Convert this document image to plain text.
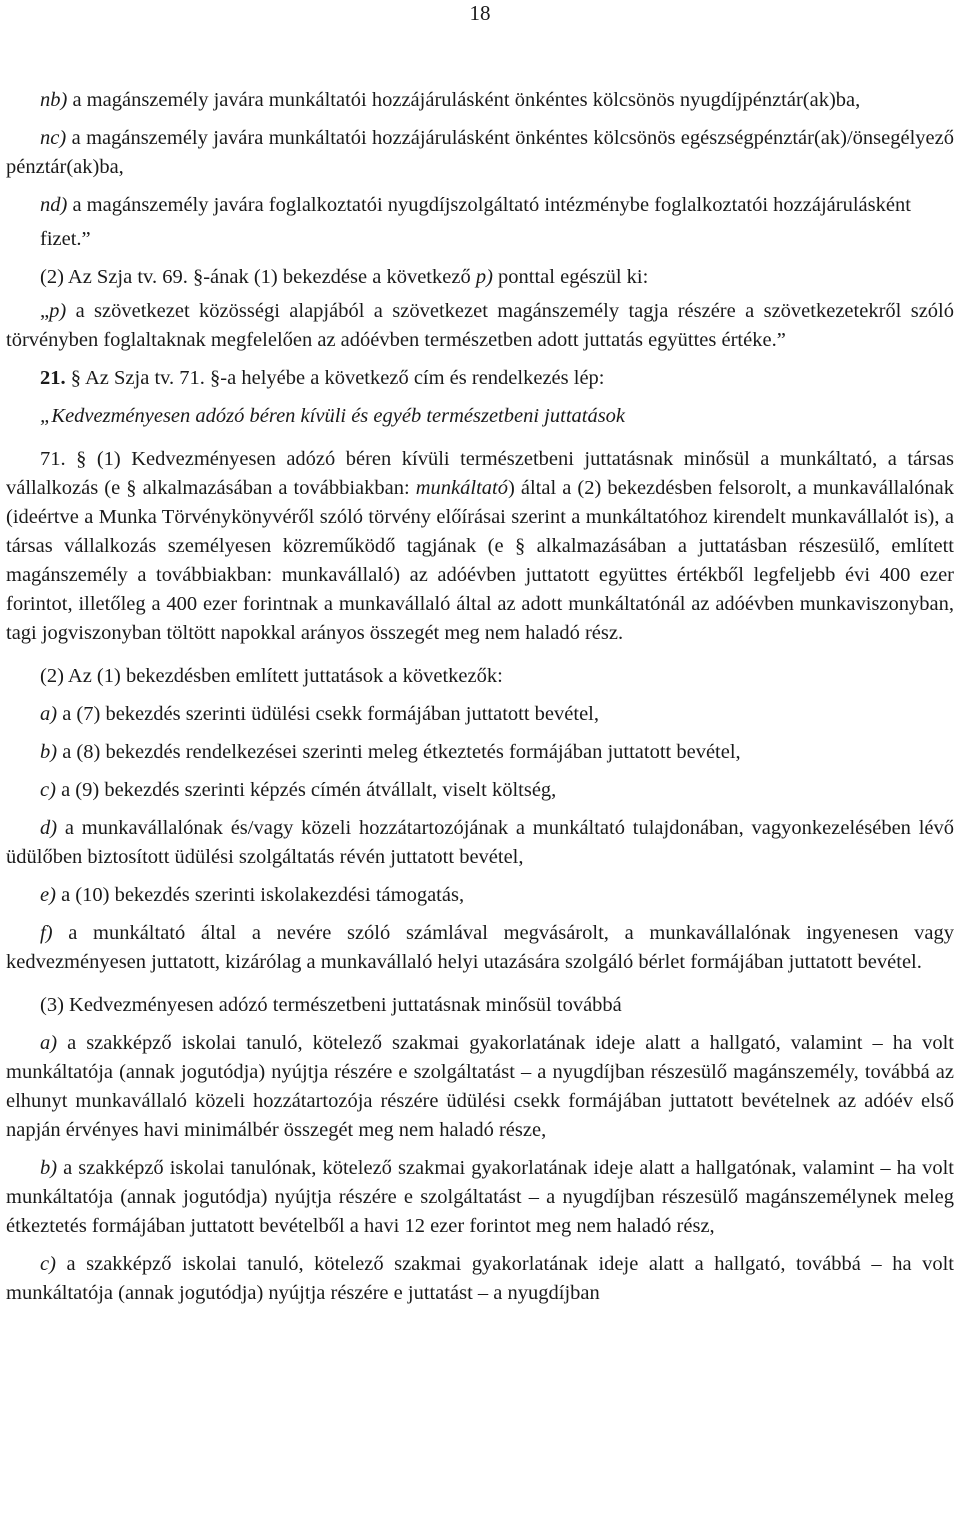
18

nb) a magánszemély javára munkáltatói hozzájárulásként önkéntes kölcsönös nyugdíjpénztár(ak)ba,

nc) a magánszemély javára munkáltatói hozzájárulásként önkéntes kölcsönös egészségpénztár(ak)/önsegélyező pénztár(ak)ba,

nd) a magánszemély javára foglalkoztatói nyugdíjszolgáltató intézménybe foglalkoztatói hozzájárulásként

fizet.”

(2) Az Szja tv. 69. §-ának (1) bekezdése a következő p) ponttal egészül ki:

„p) a szövetkezet közösségi alapjából a szövetkezet magánszemély tagja részére a szövetkezetekről szóló törvényben foglaltaknak megfelelően az adóévben természetben adott juttatás együttes értéke.”

21. § Az Szja tv. 71. §-a helyébe a következő cím és rendelkezés lép:

„Kedvezményesen adózó béren kívüli és egyéb természetbeni juttatások

71. § (1) Kedvezményesen adózó béren kívüli természetbeni juttatásnak minősül a munkáltató, a társas vállalkozás (e § alkalmazásában a továbbiakban: munkáltató) által a (2) bekezdésben felsorolt, a munkavállalónak (ideértve a Munka Törvénykönyvéről szóló törvény előírásai szerint a munkáltatóhoz kirendelt munkavállalót is), a társas vállalkozás személyesen közreműködő tagjának (e § alkalmazásában a juttatásban részesülő, említett magánszemély a továbbiakban: munkavállaló) az adóévben juttatott együttes értékből legfeljebb évi 400 ezer forintot, illetőleg a 400 ezer forintnak a munkavállaló által az adott munkáltatónál az adóévben munkaviszonyban, tagi jogviszonyban töltött napokkal arányos összegét meg nem haladó rész.

(2) Az (1) bekezdésben említett juttatások a következők:

a) a (7) bekezdés szerinti üdülési csekk formájában juttatott bevétel,

b) a (8) bekezdés rendelkezései szerinti meleg étkeztetés formájában juttatott bevétel,

c) a (9) bekezdés szerinti képzés címén átvállalt, viselt költség,

d) a munkavállalónak és/vagy közeli hozzátartozójának a munkáltató tulajdonában, vagyonkezelésében lévő üdülőben biztosított üdülési szolgáltatás révén juttatott bevétel,

e) a (10) bekezdés szerinti iskolakezdési támogatás,

f) a munkáltató által a nevére szóló számlával megvásárolt, a munkavállalónak ingyenesen vagy kedvezményesen juttatott, kizárólag a munkavállaló helyi utazására szolgáló bérlet formájában juttatott bevétel.

(3) Kedvezményesen adózó természetbeni juttatásnak minősül továbbá

a) a szakképző iskolai tanuló, kötelező szakmai gyakorlatának ideje alatt a hallgató, valamint – ha volt munkáltatója (annak jogutódja) nyújtja részére e szolgáltatást – a nyugdíjban részesülő magánszemély, továbbá az elhunyt munkavállaló közeli hozzátartozója részére üdülési csekk formájában juttatott bevételnek az adóév első napján érvényes havi minimálbér összegét meg nem haladó része,

b) a szakképző iskolai tanulónak, kötelező szakmai gyakorlatának ideje alatt a hallgatónak, valamint – ha volt munkáltatója (annak jogutódja) nyújtja részére e szolgáltatást – a nyugdíjban részesülő magánszemélynek meleg étkeztetés formájában juttatott bevételből a havi 12 ezer forintot meg nem haladó rész,

c) a szakképző iskolai tanuló, kötelező szakmai gyakorlatának ideje alatt a hallgató, továbbá – ha volt munkáltatója (annak jogutódja) nyújtja részére e juttatást – a nyugdíjban
